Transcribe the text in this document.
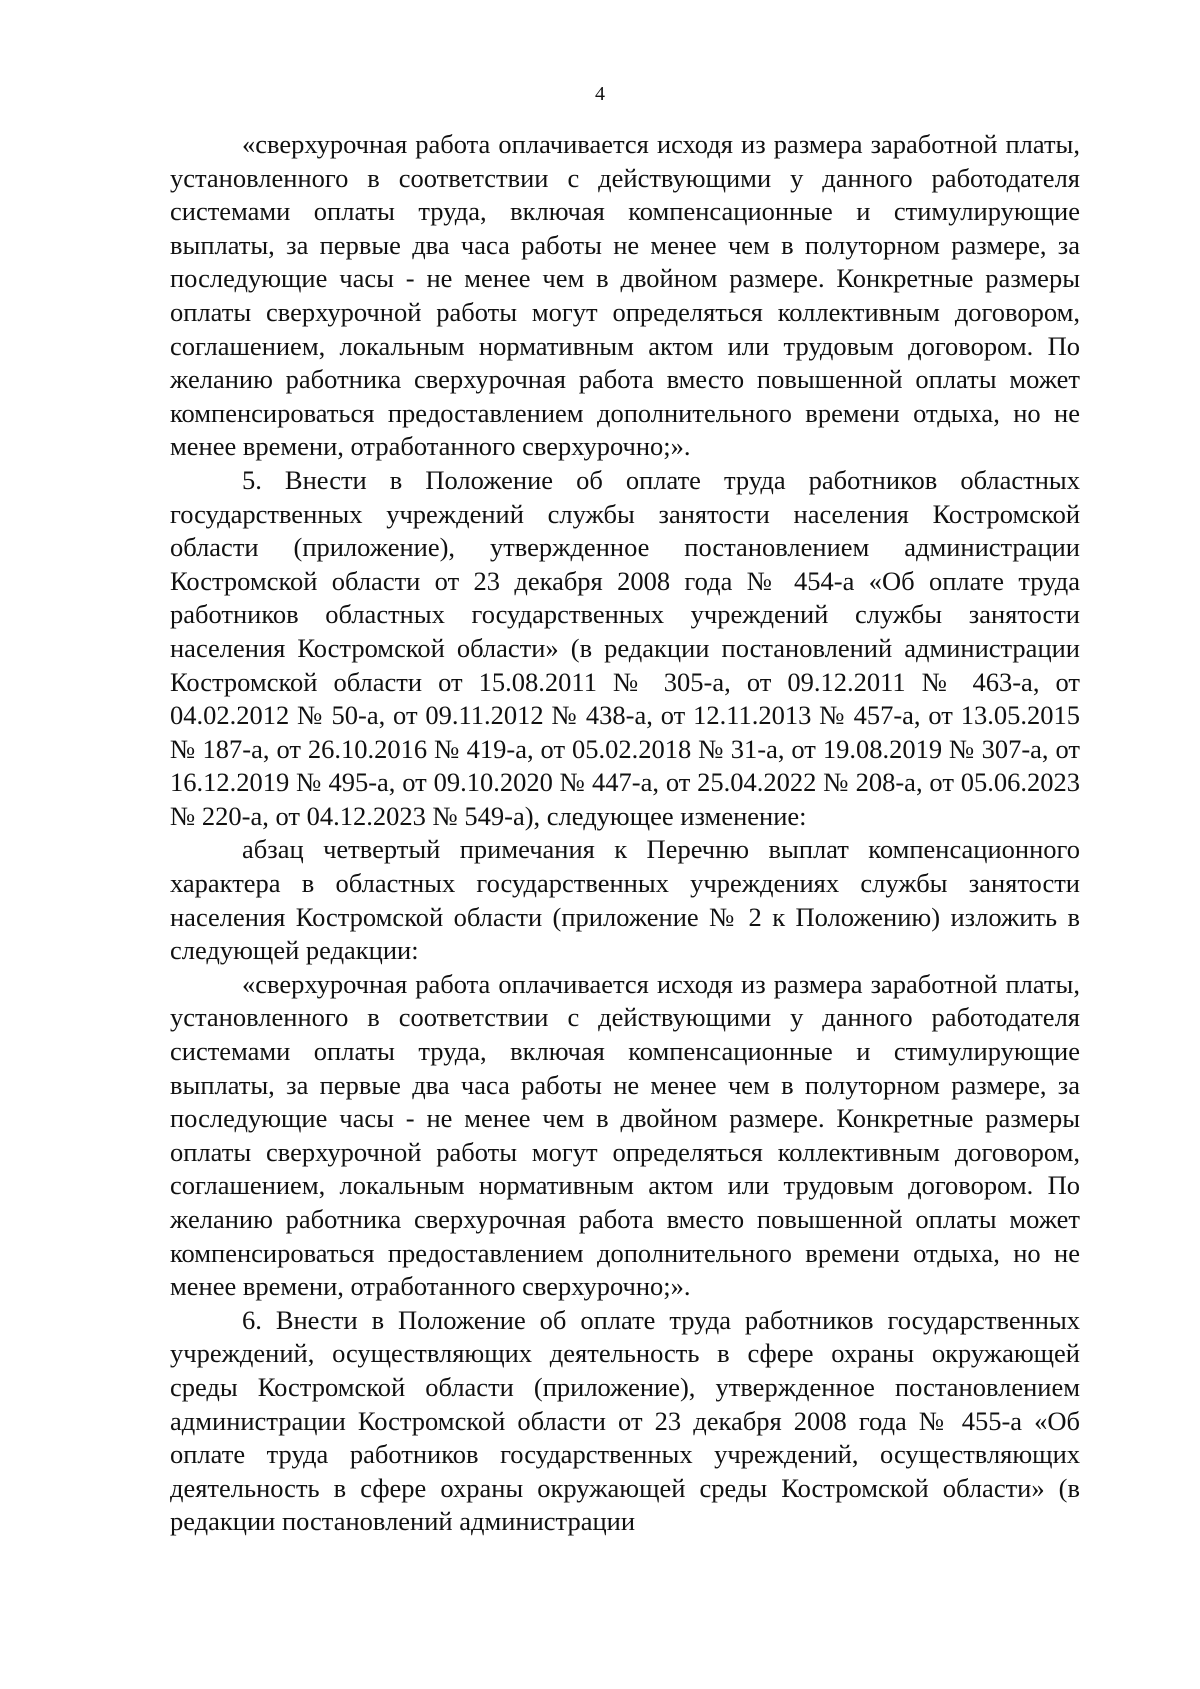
4

«сверхурочная работа оплачивается исходя из размера заработной платы, установленного в соответствии с действующими у данного работодателя системами оплаты труда, включая компенсационные и стимулирующие выплаты, за первые два часа работы не менее чем в полуторном размере, за последующие часы - не менее чем в двойном размере. Конкретные размеры оплаты сверхурочной работы могут определяться коллективным договором, соглашением, локальным нормативным актом или трудовым договором. По желанию работника сверхурочная работа вместо повышенной оплаты может компенсироваться предоставлением дополнительного времени отдыха, но не менее времени, отработанного сверхурочно;».

5. Внести в Положение об оплате труда работников областных государственных учреждений службы занятости населения Костромской области (приложение), утвержденное постановлением администрации Костромской области от 23 декабря 2008 года № 454-а «Об оплате труда работников областных государственных учреждений службы занятости населения Костромской области» (в редакции постановлений администрации Костромской области от 15.08.2011 № 305-а, от 09.12.2011 № 463-а, от 04.02.2012 № 50-а, от 09.11.2012 № 438-а, от 12.11.2013 № 457-а, от 13.05.2015 № 187-а, от 26.10.2016 № 419-а, от 05.02.2018 № 31-а, от 19.08.2019 № 307-а, от 16.12.2019 № 495-а, от 09.10.2020 № 447-а, от 25.04.2022 № 208-а, от 05.06.2023 № 220-а, от 04.12.2023 № 549-а), следующее изменение:

абзац четвертый примечания к Перечню выплат компенсационного характера в областных государственных учреждениях службы занятости населения Костромской области (приложение № 2 к Положению) изложить в следующей редакции:

«сверхурочная работа оплачивается исходя из размера заработной платы, установленного в соответствии с действующими у данного работодателя системами оплаты труда, включая компенсационные и стимулирующие выплаты, за первые два часа работы не менее чем в полуторном размере, за последующие часы - не менее чем в двойном размере. Конкретные размеры оплаты сверхурочной работы могут определяться коллективным договором, соглашением, локальным нормативным актом или трудовым договором. По желанию работника сверхурочная работа вместо повышенной оплаты может компенсироваться предоставлением дополнительного времени отдыха, но не менее времени, отработанного сверхурочно;».

6. Внести в Положение об оплате труда работников государственных учреждений, осуществляющих деятельность в сфере охраны окружающей среды Костромской области (приложение), утвержденное постановлением администрации Костромской области от 23 декабря 2008 года № 455-а «Об оплате труда работников государственных учреждений, осуществляющих деятельность в сфере охраны окружающей среды Костромской области» (в редакции постановлений администрации
